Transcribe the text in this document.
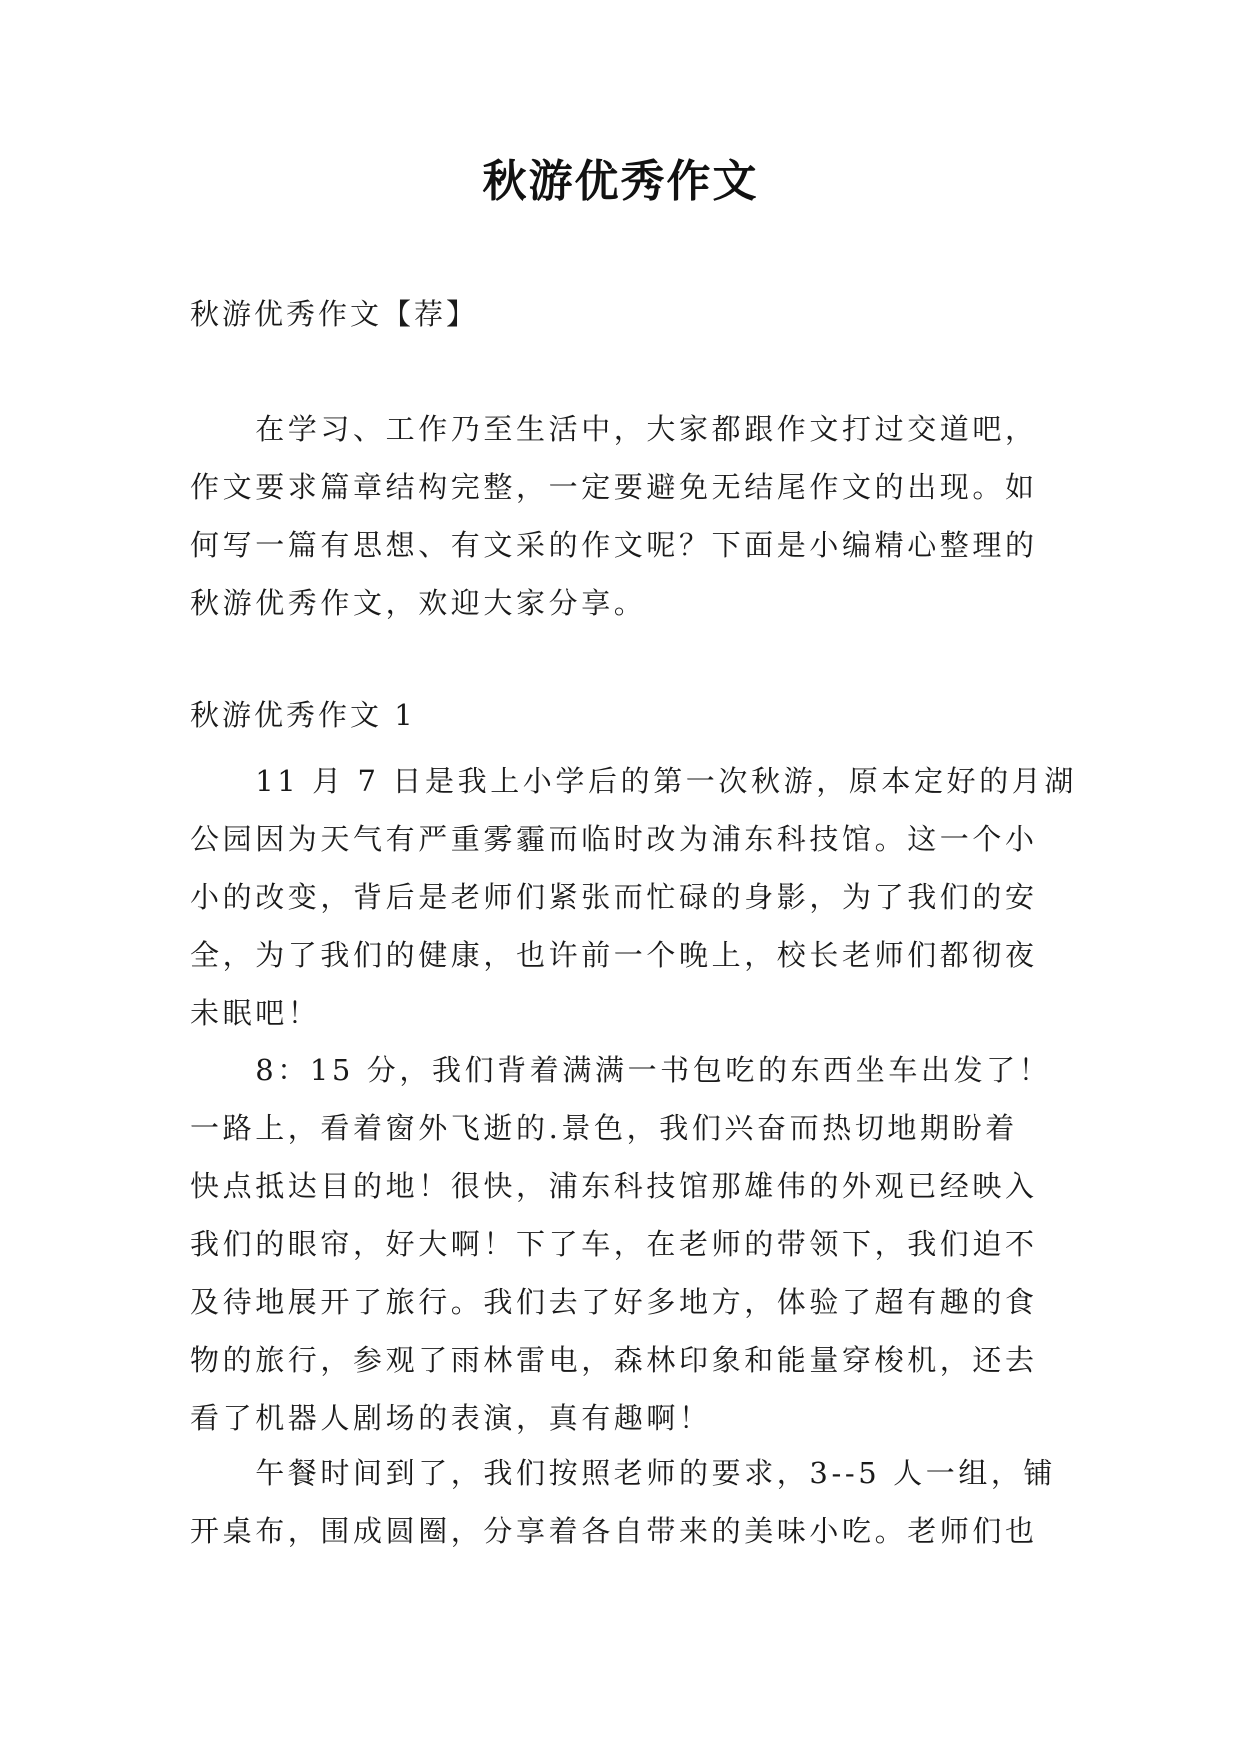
秋游优秀作文
秋游优秀作文【荐】
　　在学习、工作乃至生活中，大家都跟作文打过交道吧，
作文要求篇章结构完整，一定要避免无结尾作文的出现。如
何写一篇有思想、有文采的作文呢？下面是小编精心整理的
秋游优秀作文，欢迎大家分享。
秋游优秀作文 1
　　11 月 7 日是我上小学后的第一次秋游，原本定好的月湖
公园因为天气有严重雾霾而临时改为浦东科技馆。这一个小
小的改变，背后是老师们紧张而忙碌的身影，为了我们的安
全，为了我们的健康，也许前一个晚上，校长老师们都彻夜
未眠吧！
　　8：15 分，我们背着满满一书包吃的东西坐车出发了！
一路上，看着窗外飞逝的.景色，我们兴奋而热切地期盼着
快点抵达目的地！很快，浦东科技馆那雄伟的外观已经映入
我们的眼帘，好大啊！下了车，在老师的带领下，我们迫不
及待地展开了旅行。我们去了好多地方，体验了超有趣的食
物的旅行，参观了雨林雷电，森林印象和能量穿梭机，还去
看了机器人剧场的表演，真有趣啊！
　　午餐时间到了，我们按照老师的要求，3--5 人一组，铺
开桌布，围成圆圈，分享着各自带来的美味小吃。老师们也
